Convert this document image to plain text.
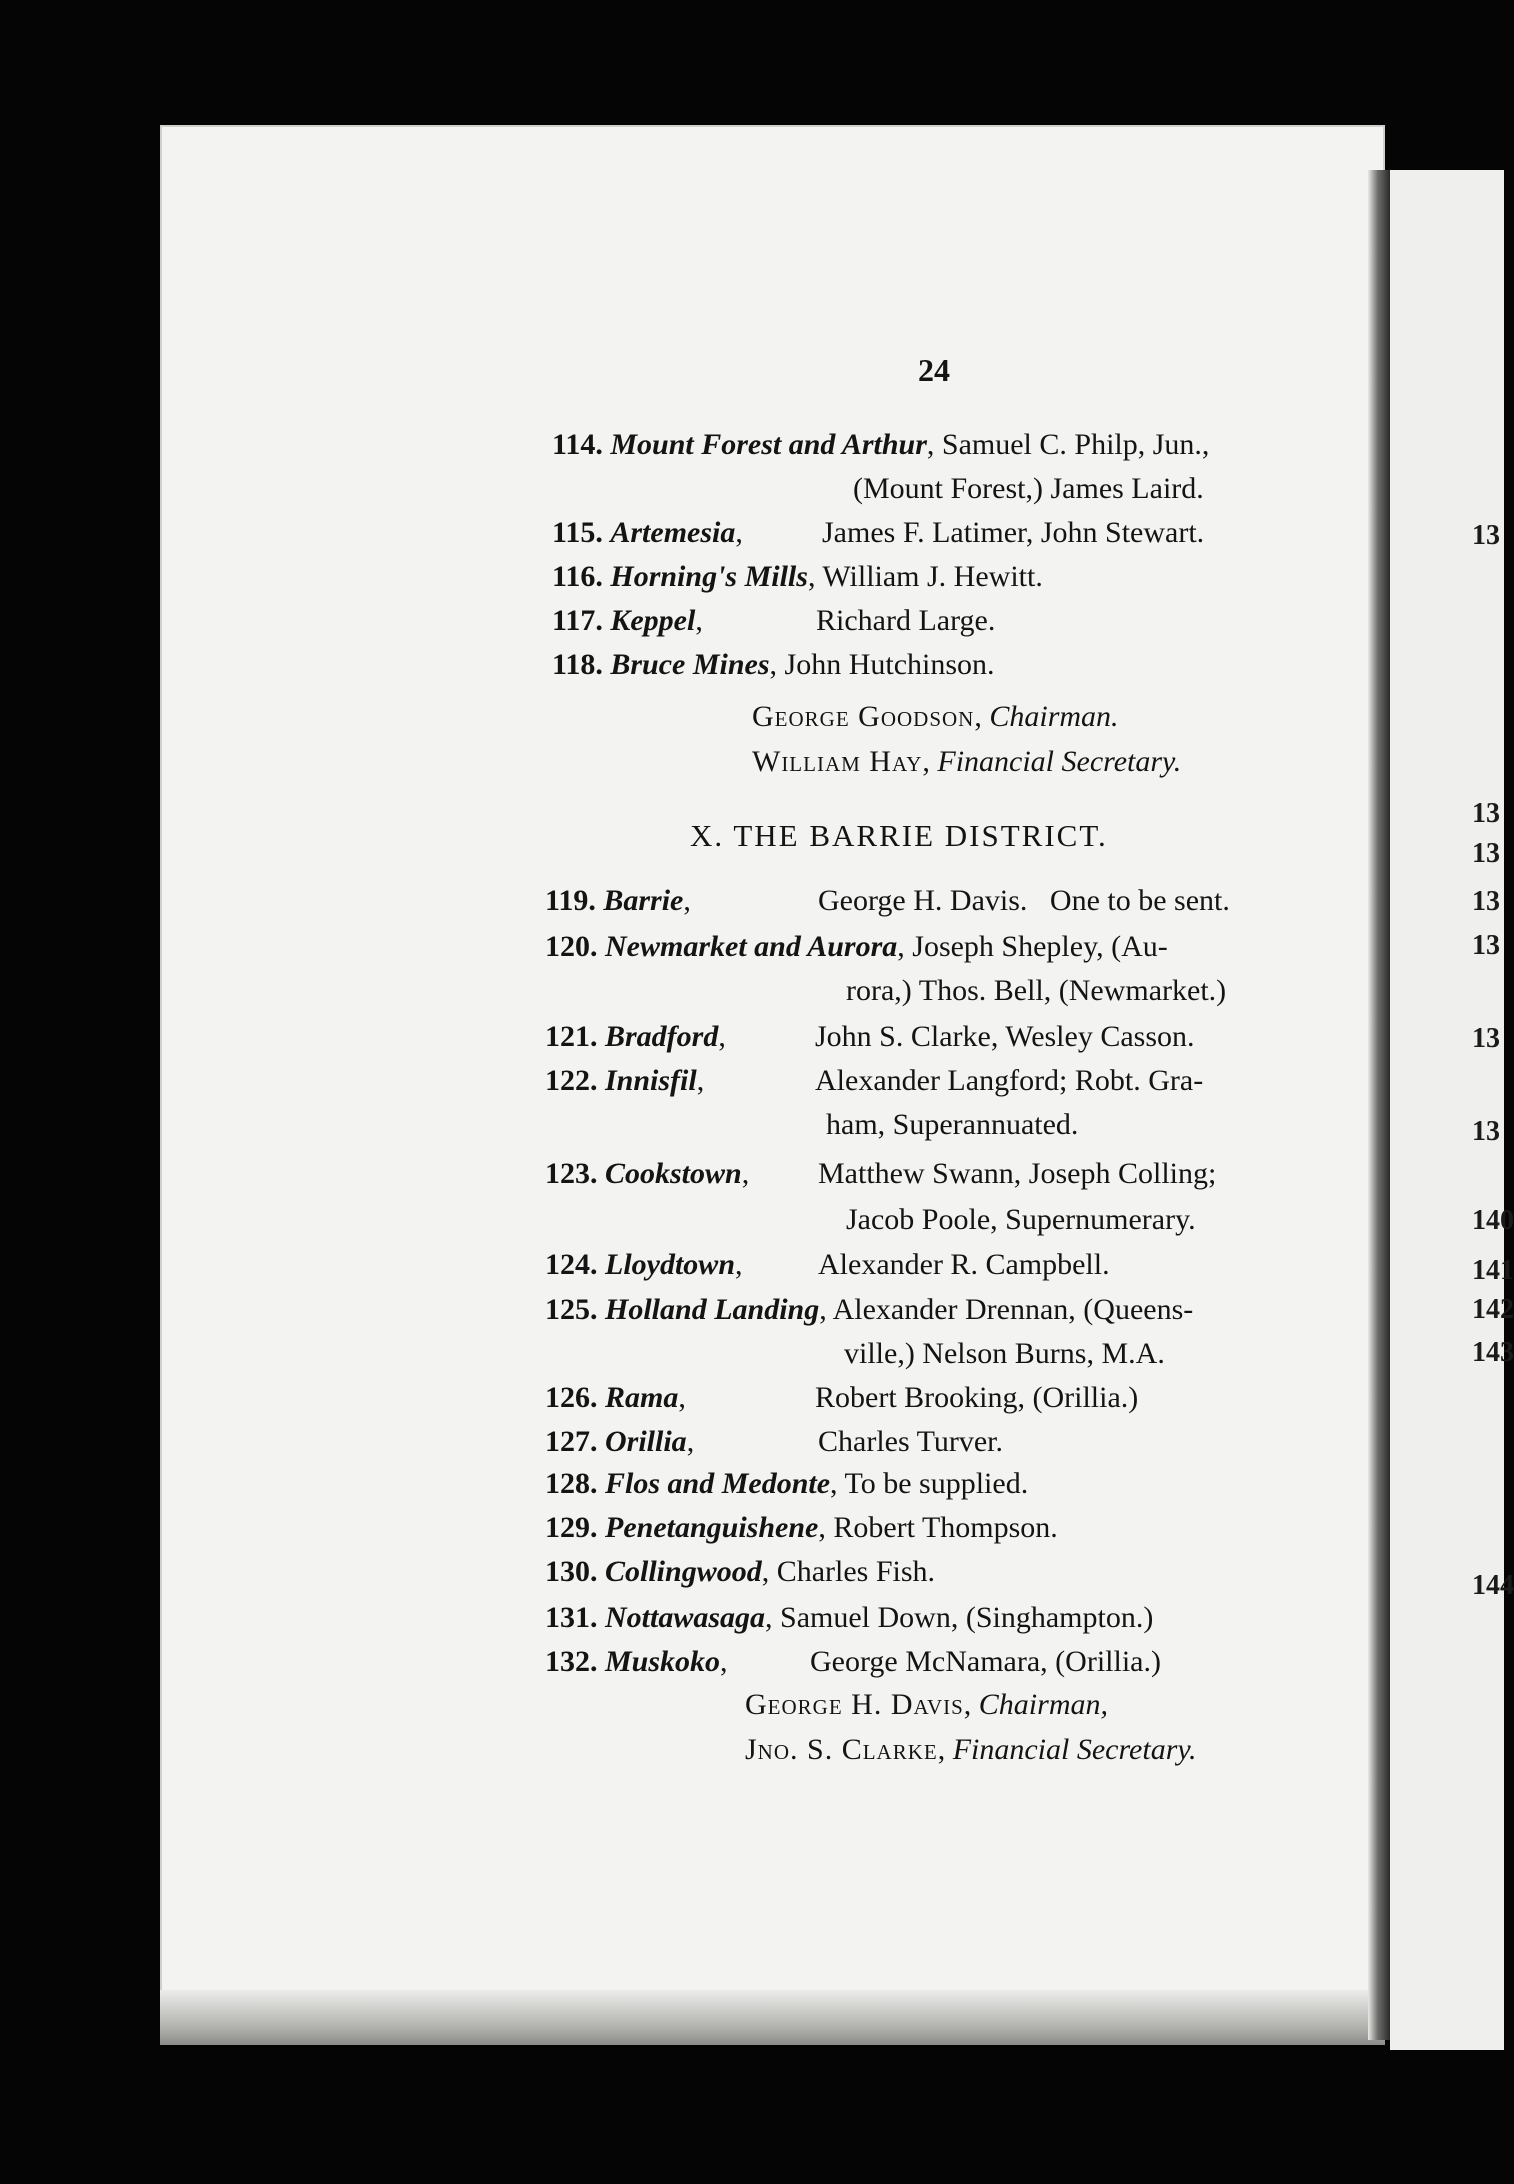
13
13
13
13
13
13
13
140
141
142
143
144
24
114. Mount Forest and Arthur, Samuel C. Philp, Jun.,
(Mount Forest,) James Laird.
115. Artemesia,	James F. Latimer, John Stewart.
116. Horning's Mills, William J. Hewitt.
117. Keppel,	Richard Large.
118. Bruce Mines, John Hutchinson.
George Goodson, Chairman.
William Hay, Financial Secretary.
X. THE BARRIE DISTRICT.
119. Barrie,	George H. Davis.   One to be sent.
120. Newmarket and Aurora, Joseph Shepley, (Au-
rora,) Thos. Bell, (Newmarket.)
121. Bradford,	John S. Clarke, Wesley Casson.
122. Innisfil,	Alexander Langford; Robt. Gra-
ham, Superannuated.
123. Cookstown, Matthew Swann, Joseph Colling;
Jacob Poole, Supernumerary.
124. Lloydtown,	Alexander R. Campbell.
125. Holland Landing, Alexander Drennan, (Queens-
ville,) Nelson Burns, M.A.
126. Rama,	Robert Brooking, (Orillia.)
127. Orillia,	Charles Turver.
128. Flos and Medonte, To be supplied.
129. Penetanguishene, Robert Thompson.
130. Collingwood, Charles Fish.
131. Nottawasaga, Samuel Down, (Singhampton.)
132. Muskoko,	George McNamara, (Orillia.)
George H. Davis, Chairman,
Jno. S. Clarke, Financial Secretary.
